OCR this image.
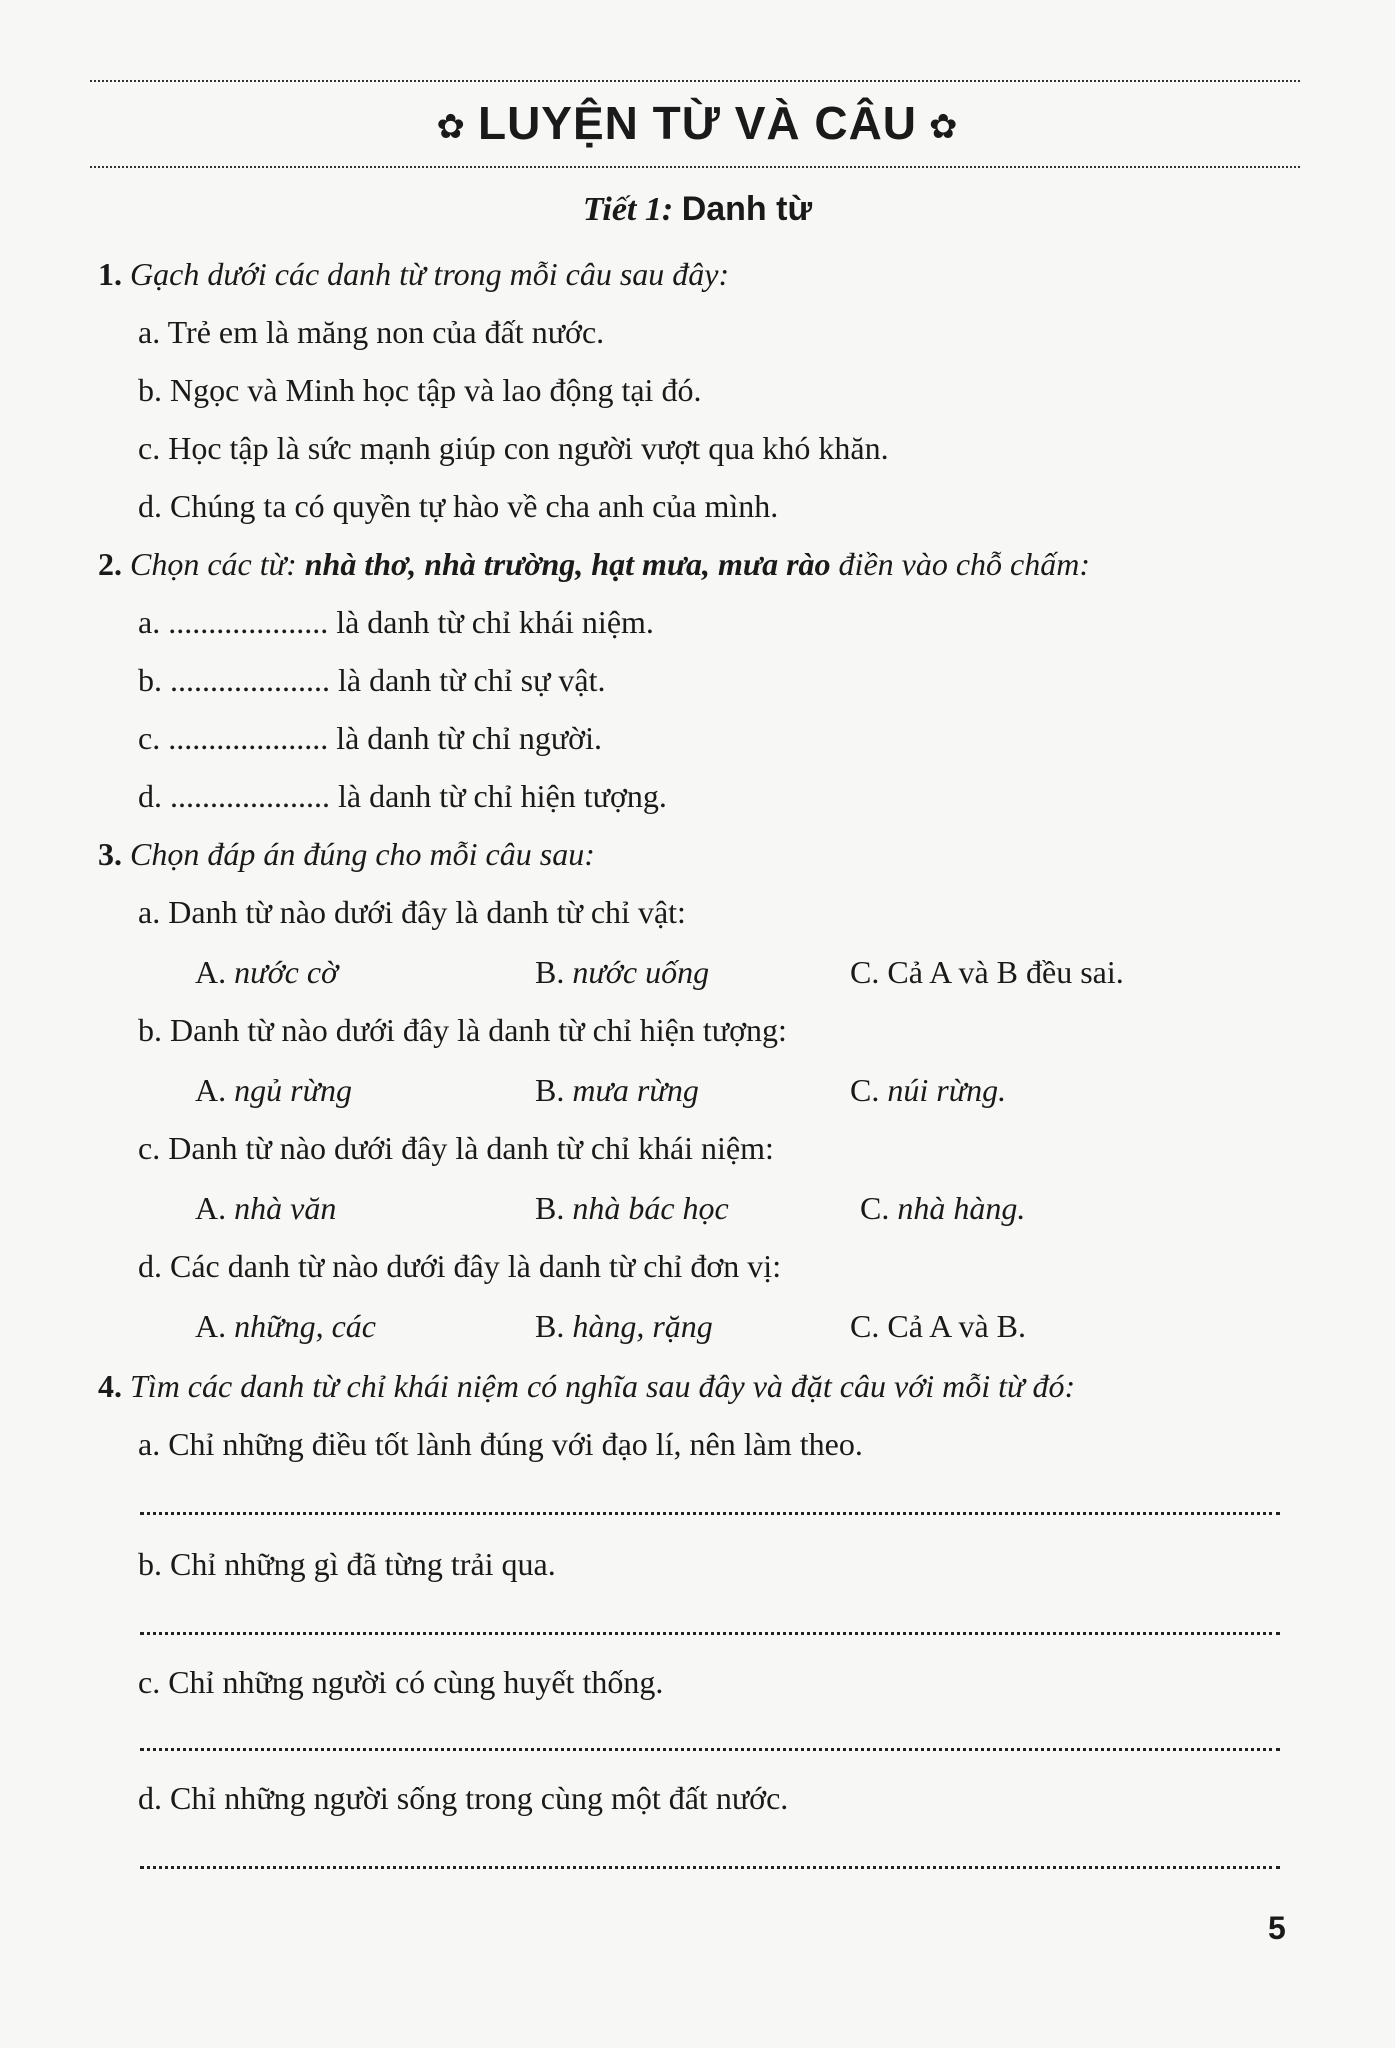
✿ LUYỆN TỪ VÀ CÂU ✿
Tiết 1: Danh từ
1. Gạch dưới các danh từ trong mỗi câu sau đây:
a. Trẻ em là măng non của đất nước.
b. Ngọc và Minh học tập và lao động tại đó.
c. Học tập là sức mạnh giúp con người vượt qua khó khăn.
d. Chúng ta có quyền tự hào về cha anh của mình.
2. Chọn các từ: nhà thơ, nhà trường, hạt mưa, mưa rào điền vào chỗ chấm:
a. .................... là danh từ chỉ khái niệm.
b. .................... là danh từ chỉ sự vật.
c. .................... là danh từ chỉ người.
d. .................... là danh từ chỉ hiện tượng.
3. Chọn đáp án đúng cho mỗi câu sau:
a. Danh từ nào dưới đây là danh từ chỉ vật:
A. nước cờ	B. nước uống	C. Cả A và B đều sai.
b. Danh từ nào dưới đây là danh từ chỉ hiện tượng:
A. ngủ rừng	B. mưa rừng	C. núi rừng.
c. Danh từ nào dưới đây là danh từ chỉ khái niệm:
A. nhà văn	B. nhà bác học	C. nhà hàng.
d. Các danh từ nào dưới đây là danh từ chỉ đơn vị:
A. những, các	B. hàng, rặng	C. Cả A và B.
4. Tìm các danh từ chỉ khái niệm có nghĩa sau đây và đặt câu với mỗi từ đó:
a. Chỉ những điều tốt lành đúng với đạo lí, nên làm theo.
b. Chỉ những gì đã từng trải qua.
c. Chỉ những người có cùng huyết thống.
d. Chỉ những người sống trong cùng một đất nước.
5
